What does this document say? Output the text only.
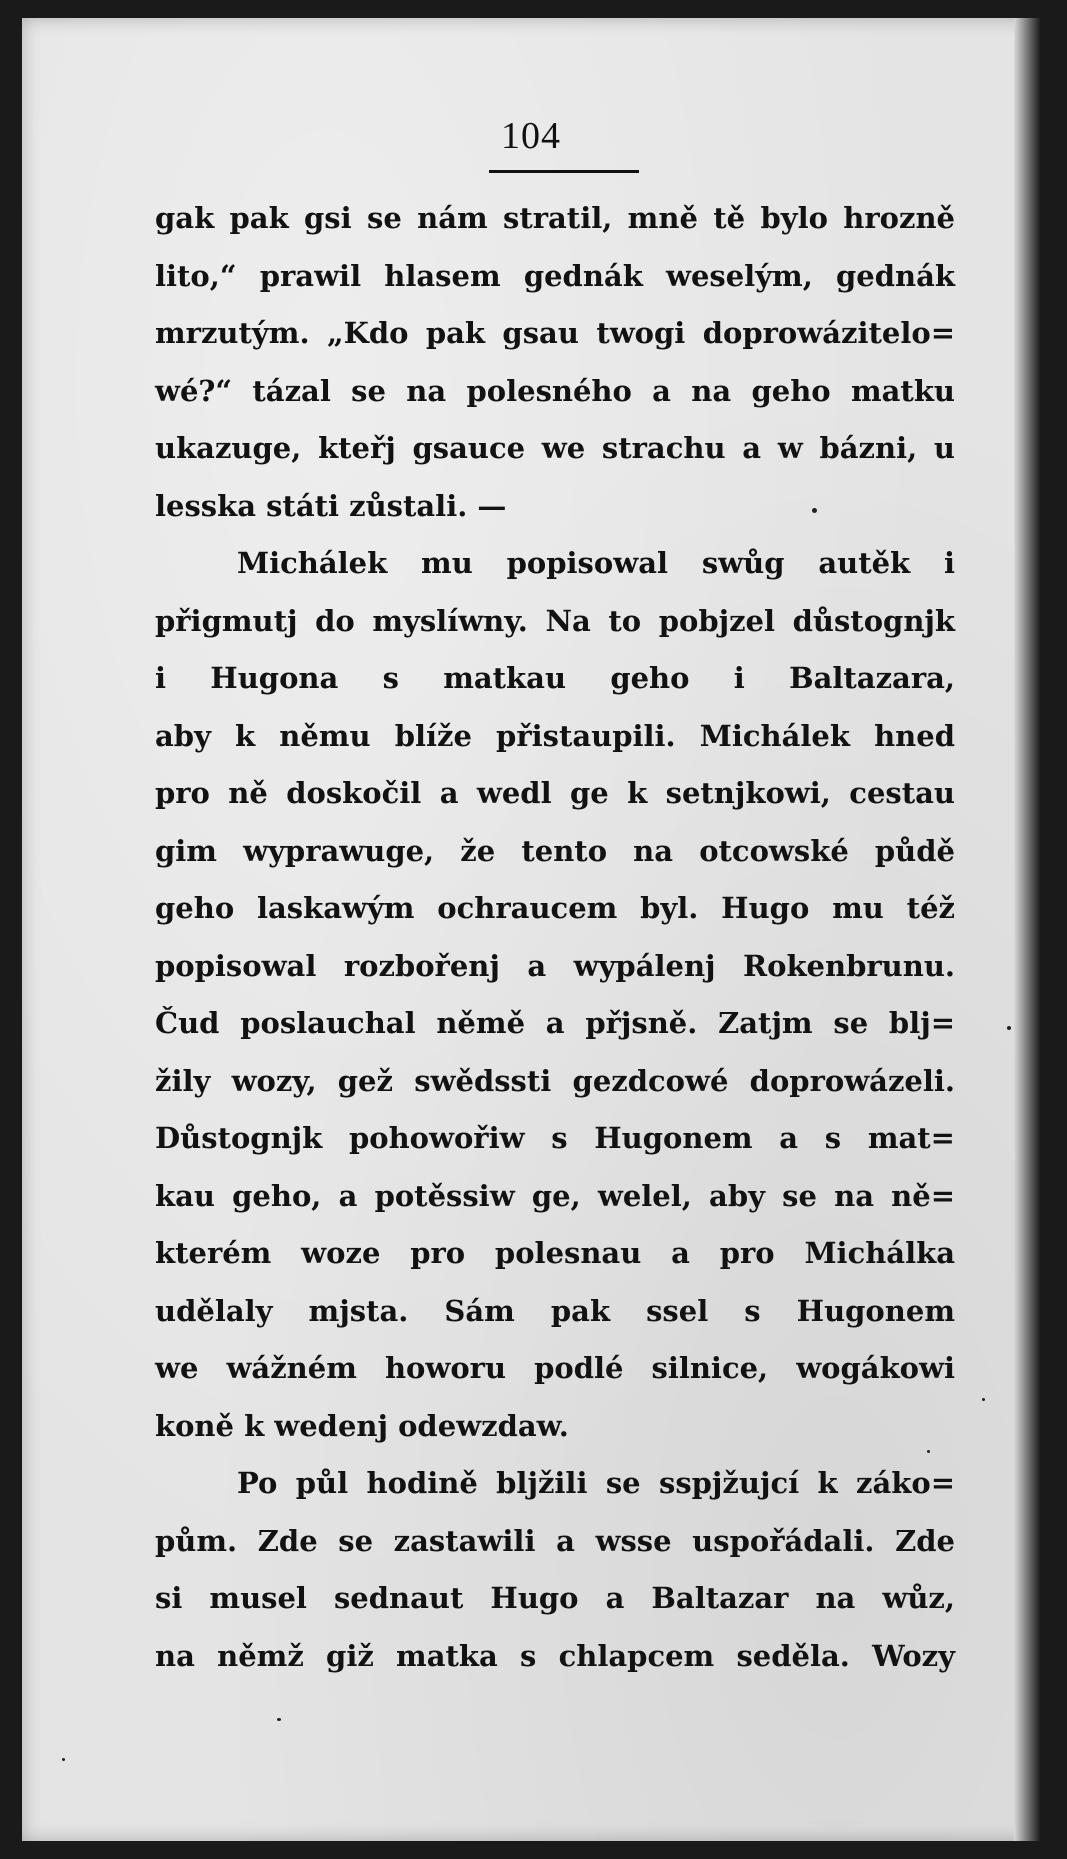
104
gak pak gsi se nám stratil, mně tě bylo hrozně
lito,“ prawil hlasem gednák weselým, gednák
mrzutým. „Kdo pak gsau twogi doprowázitelo=
wé?“ tázal se na polesného a na geho matku
ukazuge, kteřj gsauce we strachu a w bázni, u
lesska státi zůstali. —
Michálek mu popisowal swůg autěk i
přigmutj do myslíwny. Na to pobjzel důstognjk
i Hugona s matkau geho i Baltazara,
aby k němu blíže přistaupili. Michálek hned
pro ně doskočil a wedl ge k setnjkowi, cestau
gim wyprawuge, že tento na otcowské půdě
geho laskawým ochraucem byl. Hugo mu též
popisowal rozbořenj a wypálenj Rokenbrunu.
Čud poslauchal němě a přjsně. Zatjm se blj=
žily wozy, gež swědssti gezdcowé doprowázeli.
Důstognjk pohowořiw s Hugonem a s mat=
kau geho, a potěssiw ge, welel, aby se na ně=
kterém woze pro polesnau a pro Michálka
udělaly mjsta. Sám pak ssel s Hugonem
we wážném howoru podlé silnice, wogákowi
koně k wedenj odewzdaw.
Po půl hodině bljžili se sspjžujcí k záko=
pům. Zde se zastawili a wsse uspořádali. Zde
si musel sednaut Hugo a Baltazar na wůz,
na němž giž matka s chlapcem seděla. Wozy
